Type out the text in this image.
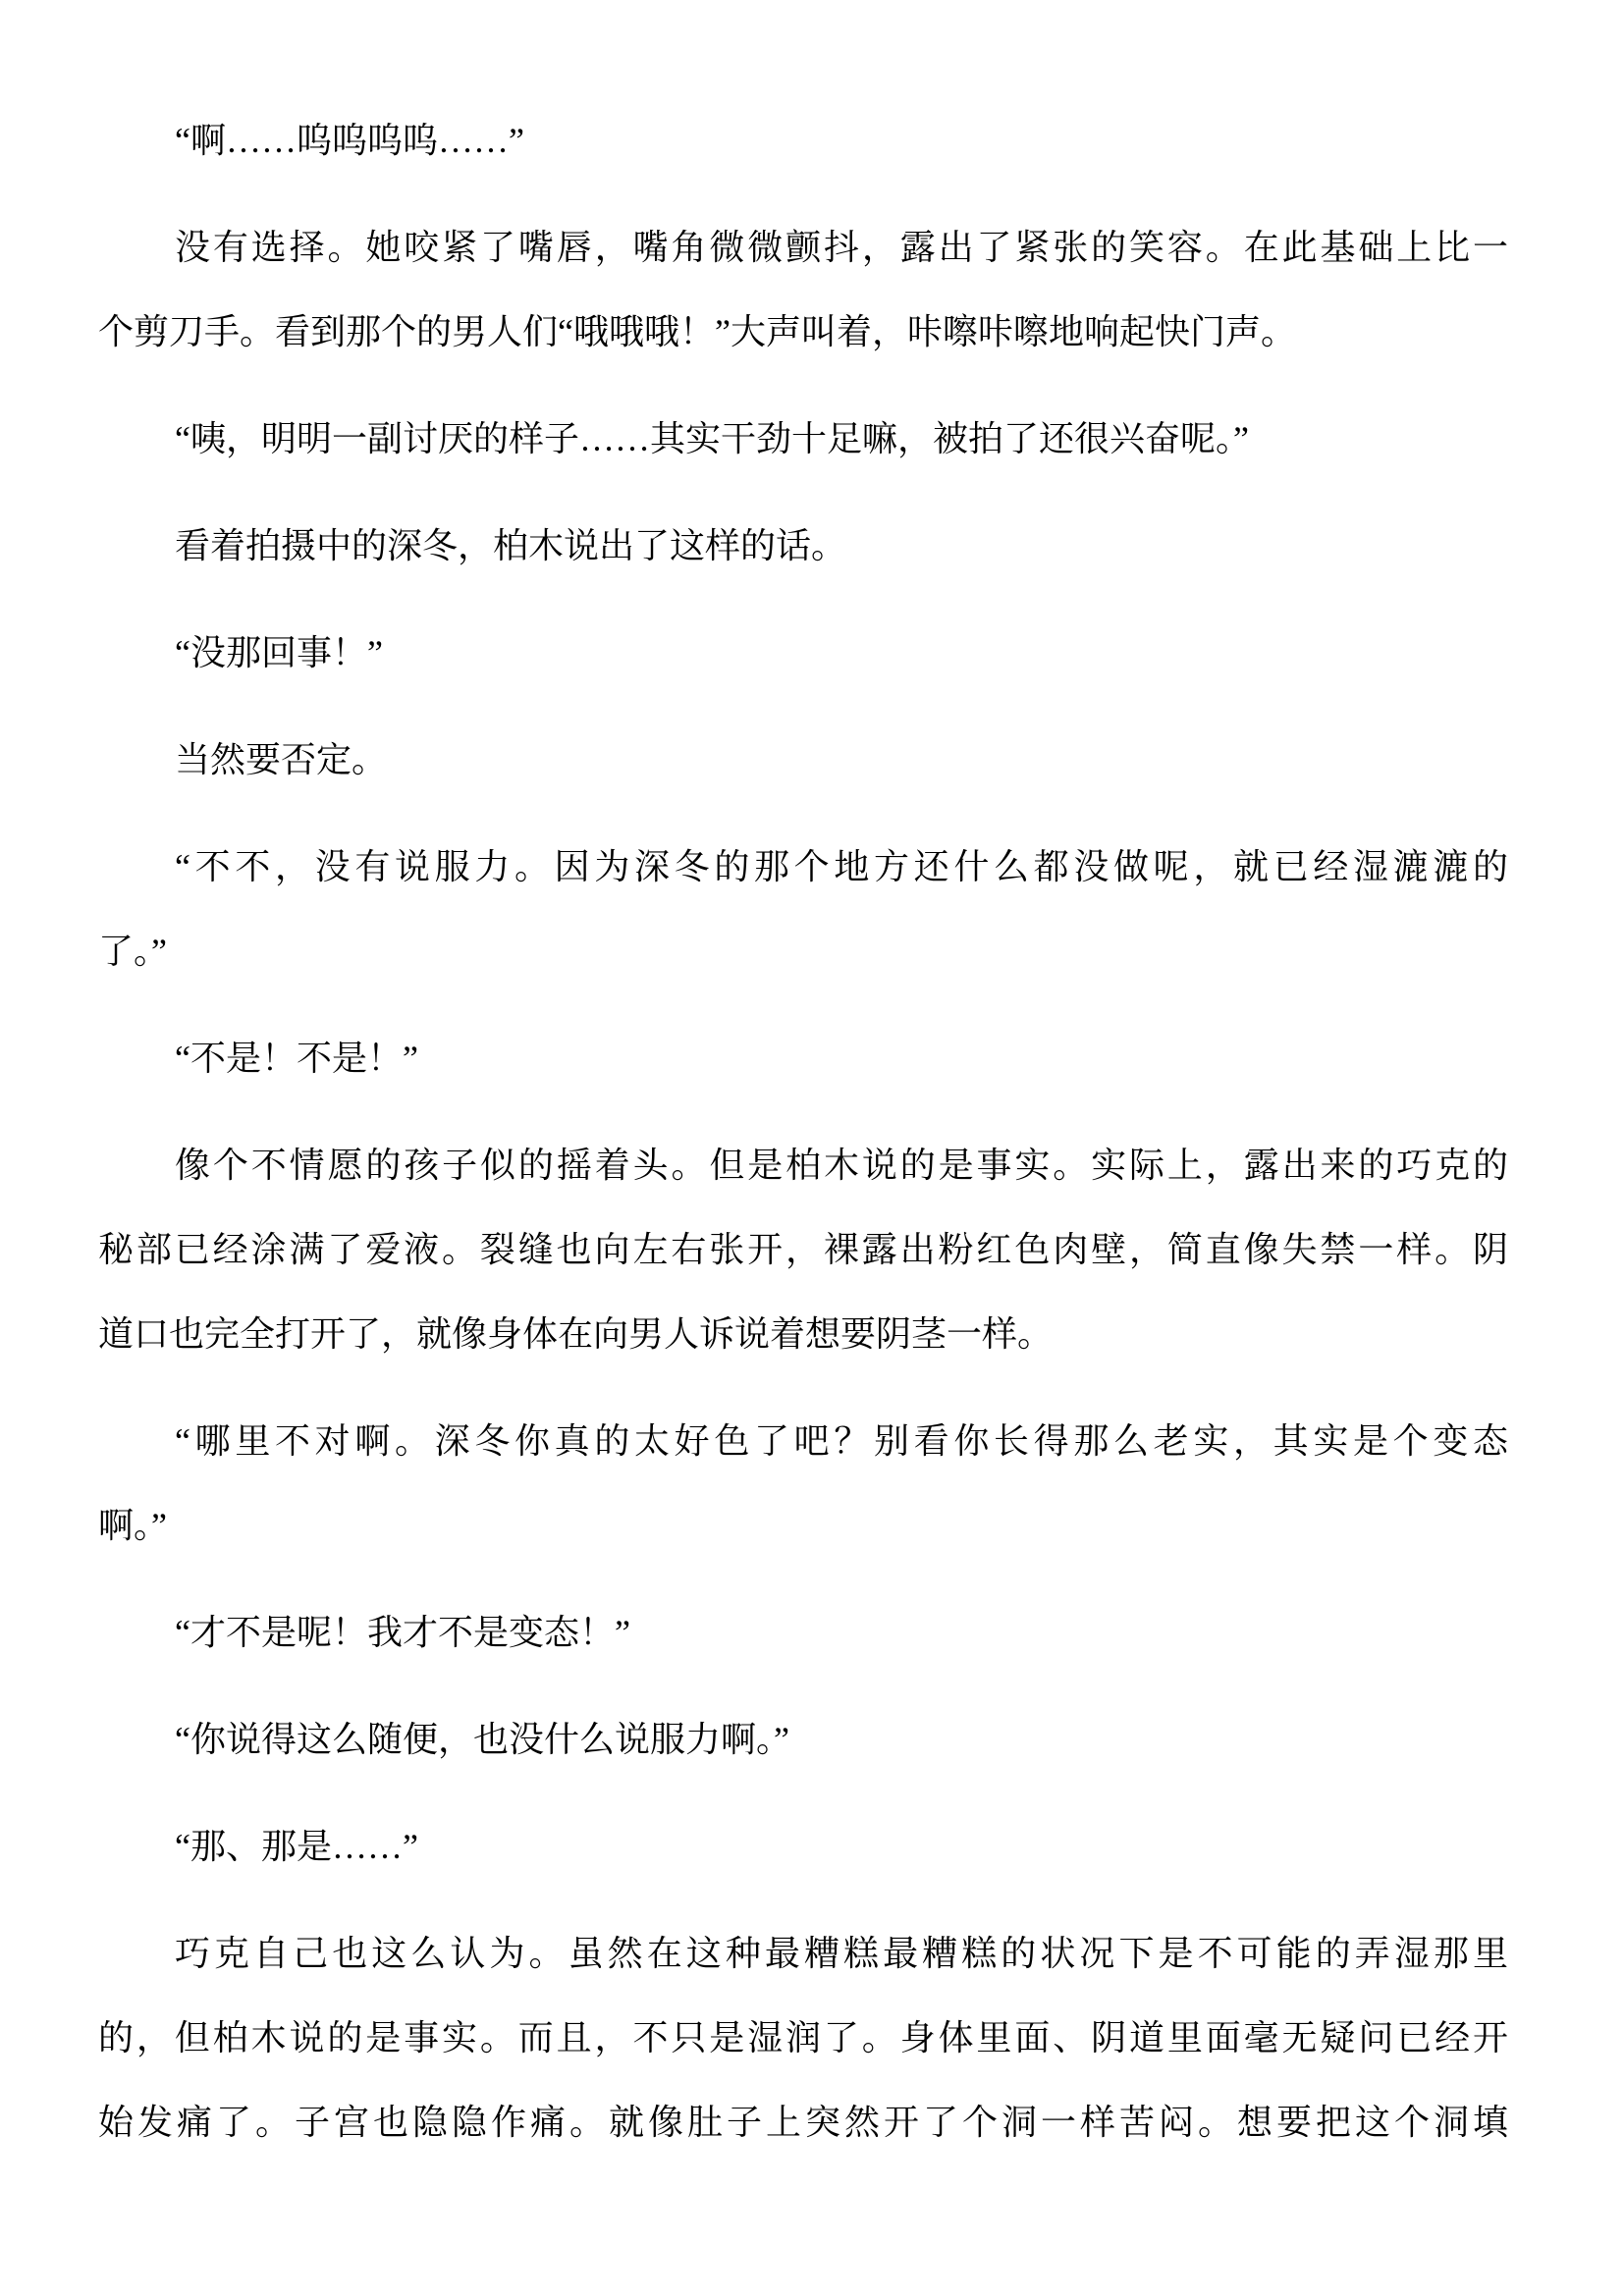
“啊……呜呜呜呜……”
没有选择。她咬紧了嘴唇，嘴角微微颤抖，露出了紧张的笑容。在此基础上比一
个剪刀手。看到那个的男人们“哦哦哦！”大声叫着，咔嚓咔嚓地响起快门声。
“咦，明明一副讨厌的样子……其实干劲十足嘛，被拍了还很兴奋呢。”
看着拍摄中的深冬，柏木说出了这样的话。
“没那回事！”
当然要否定。
“不不，没有说服力。因为深冬的那个地方还什么都没做呢，就已经湿漉漉的
了。”
“不是！不是！”
像个不情愿的孩子似的摇着头。但是柏木说的是事实。实际上，露出来的巧克的
秘部已经涂满了爱液。裂缝也向左右张开，裸露出粉红色肉壁，简直像失禁一样。阴
道口也完全打开了，就像身体在向男人诉说着想要阴茎一样。
“哪里不对啊。深冬你真的太好色了吧？别看你长得那么老实，其实是个变态
啊。”
“才不是呢！我才不是变态！”
“你说得这么随便，也没什么说服力啊。”
“那、那是……”
巧克自己也这么认为。虽然在这种最糟糕最糟糕的状况下是不可能的弄湿那里
的，但柏木说的是事实。而且，不只是湿润了。身体里面、阴道里面毫无疑问已经开
始发痛了。子宫也隐隐作痛。就像肚子上突然开了个洞一样苦闷。想要把这个洞填
